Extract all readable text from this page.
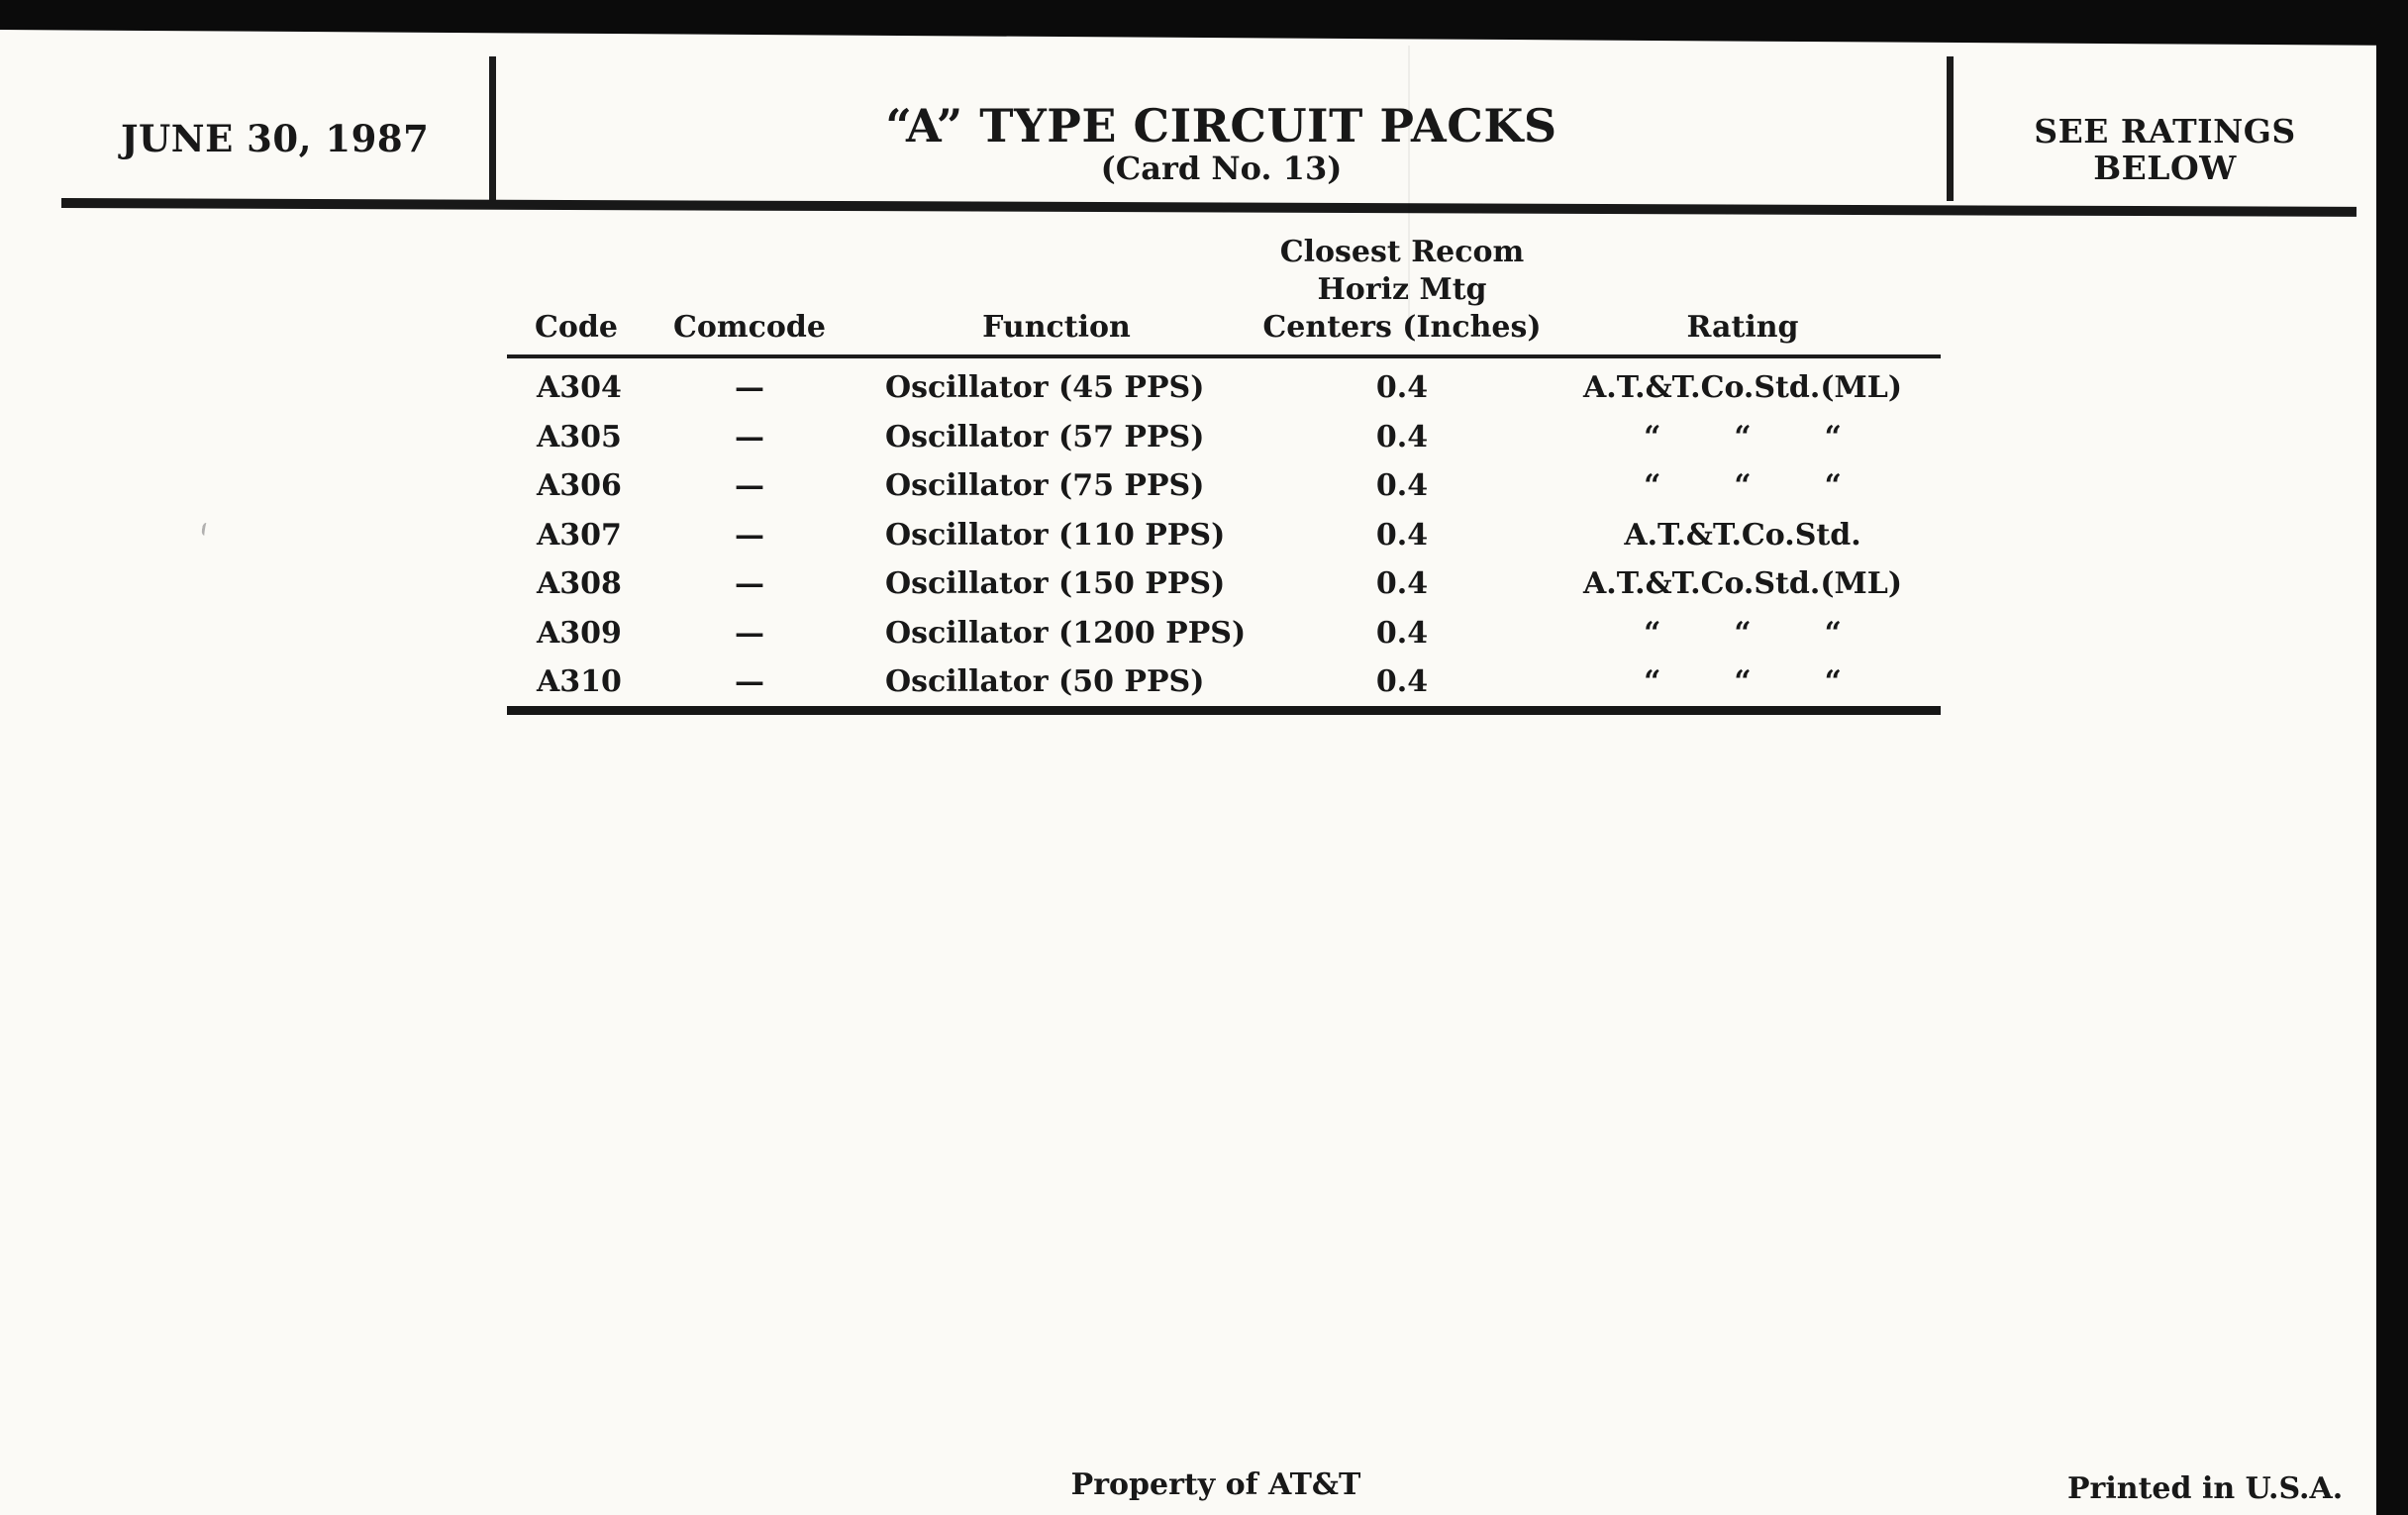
JUNE 30, 1987	“A” TYPE CIRCUIT PACKS
(Card No. 13)
SEE RATINGS
BELOW
Code	Comcode	Function
Closest Recom
Horiz Mtg
Centers (Inches)	Rating
A304	—	Oscillator (45 PPS)	0.4	A.T.&T.Co.Std.(ML)
A305	—	Oscillator (57 PPS)	0.4	“ “ “
A306	—	Oscillator (75 PPS)	0.4	“ “ “
A307	—	Oscillator (110 PPS)	0.4	A.T.&T.Co.Std.
A308	—	Oscillator (150 PPS)	0.4	A.T.&T.Co.Std.(ML)
A309	—	Oscillator (1200 PPS)	0.4	“ “ “
A310	—	Oscillator (50 PPS)	0.4	“ “ “
Property of AT&T	Printed in U.S.A.
